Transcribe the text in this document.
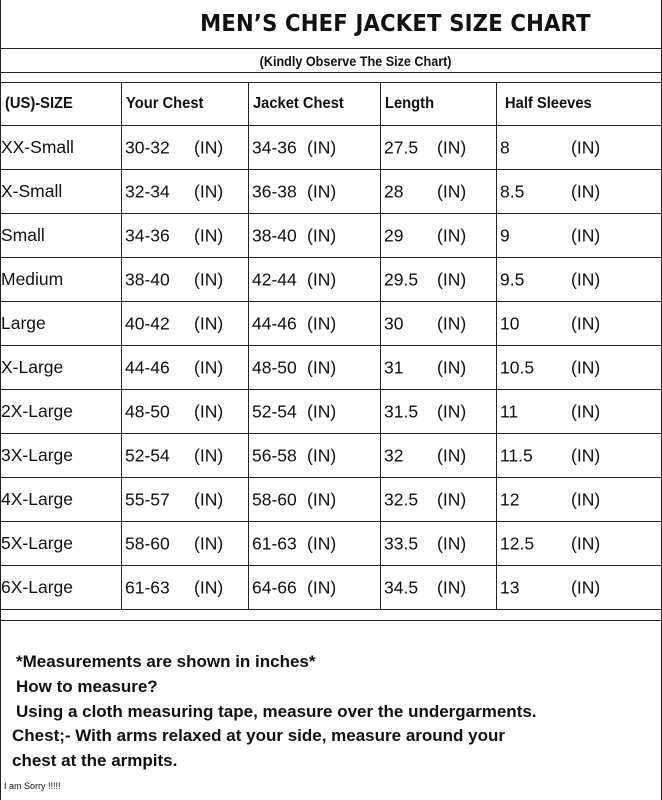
MEN’S CHEF JACKET SIZE CHART
(Kindly Observe The Size Chart)
(US)-SIZE	Your Chest	Jacket Chest	Length	Half Sleeves
XX-Small	30-32 (IN)	34-36 (IN)	27.5 (IN)	8 (IN)

X-Small	32-34 (IN)	36-38 (IN)	28 (IN)	8.5 (IN)

Small	34-36 (IN)	38-40 (IN)	29 (IN)	9 (IN)

Medium	38-40 (IN)	42-44 (IN)	29.5 (IN)	9.5 (IN)

Large	40-42 (IN)	44-46 (IN)	30 (IN)	10 (IN)

X-Large	44-46 (IN)	48-50 (IN)	31 (IN)	10.5 (IN)

2X-Large	48-50 (IN)	52-54 (IN)	31.5 (IN)	11 (IN)

3X-Large	52-54 (IN)	56-58 (IN)	32 (IN)	11.5 (IN)

4X-Large	55-57 (IN)	58-60 (IN)	32.5 (IN)	12 (IN)

5X-Large	58-60 (IN)	61-63 (IN)	33.5 (IN)	12.5 (IN)

6X-Large	61-63 (IN)	64-66 (IN)	34.5 (IN)	13 (IN)

*Measurements are shown in inches*

How to measure?

Using a cloth measuring tape, measure over the undergarments.

Chest;- With arms relaxed at your side, measure around your

chest at the armpits.

I am Sorry !!!!!
